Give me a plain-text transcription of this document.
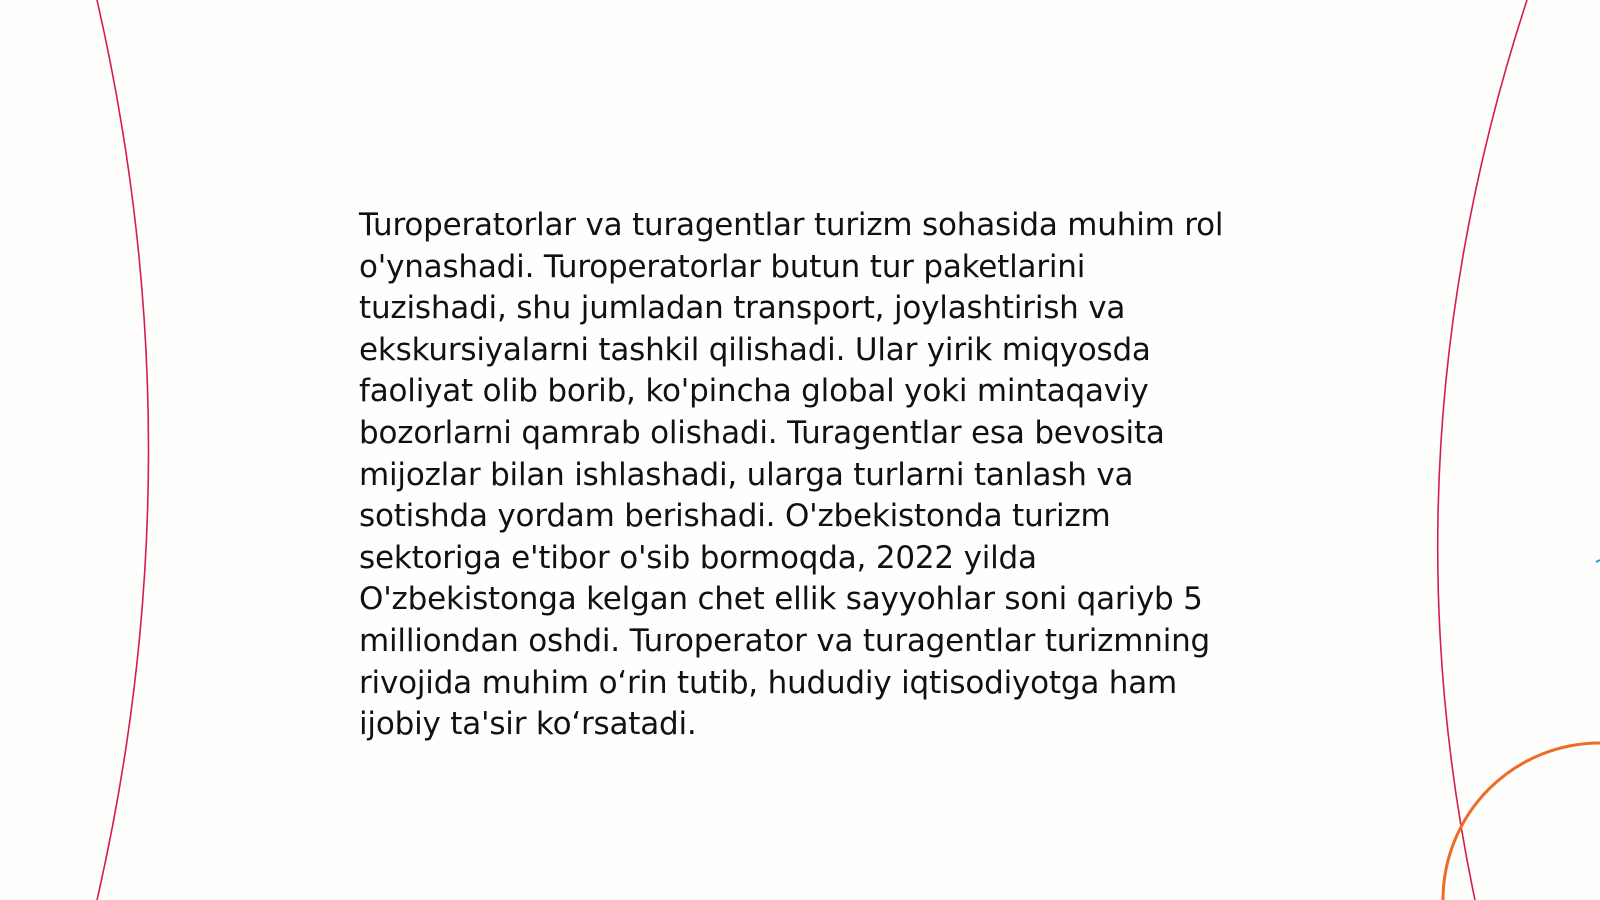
Turoperatorlar va turagentlar turizm sohasida muhim rol o'ynashadi. Turoperatorlar butun tur paketlarini tuzishadi, shu jumladan transport, joylashtirish va ekskursiyalarni tashkil qilishadi. Ular yirik miqyosda faoliyat olib borib, ko'pincha global yoki mintaqaviy bozorlarni qamrab olishadi. Turagentlar esa bevosita mijozlar bilan ishlashadi, ularga turlarni tanlash va sotishda yordam berishadi. O'zbekistonda turizm sektoriga e'tibor o'sib bormoqda, 2022 yilda O'zbekistonga kelgan chet ellik sayyohlar soni qariyb 5 milliondan oshdi. Turoperator va turagentlar turizmning rivojida muhim o‘rin tutib, hududiy iqtisodiyotga ham ijobiy ta'sir ko‘rsatadi.
